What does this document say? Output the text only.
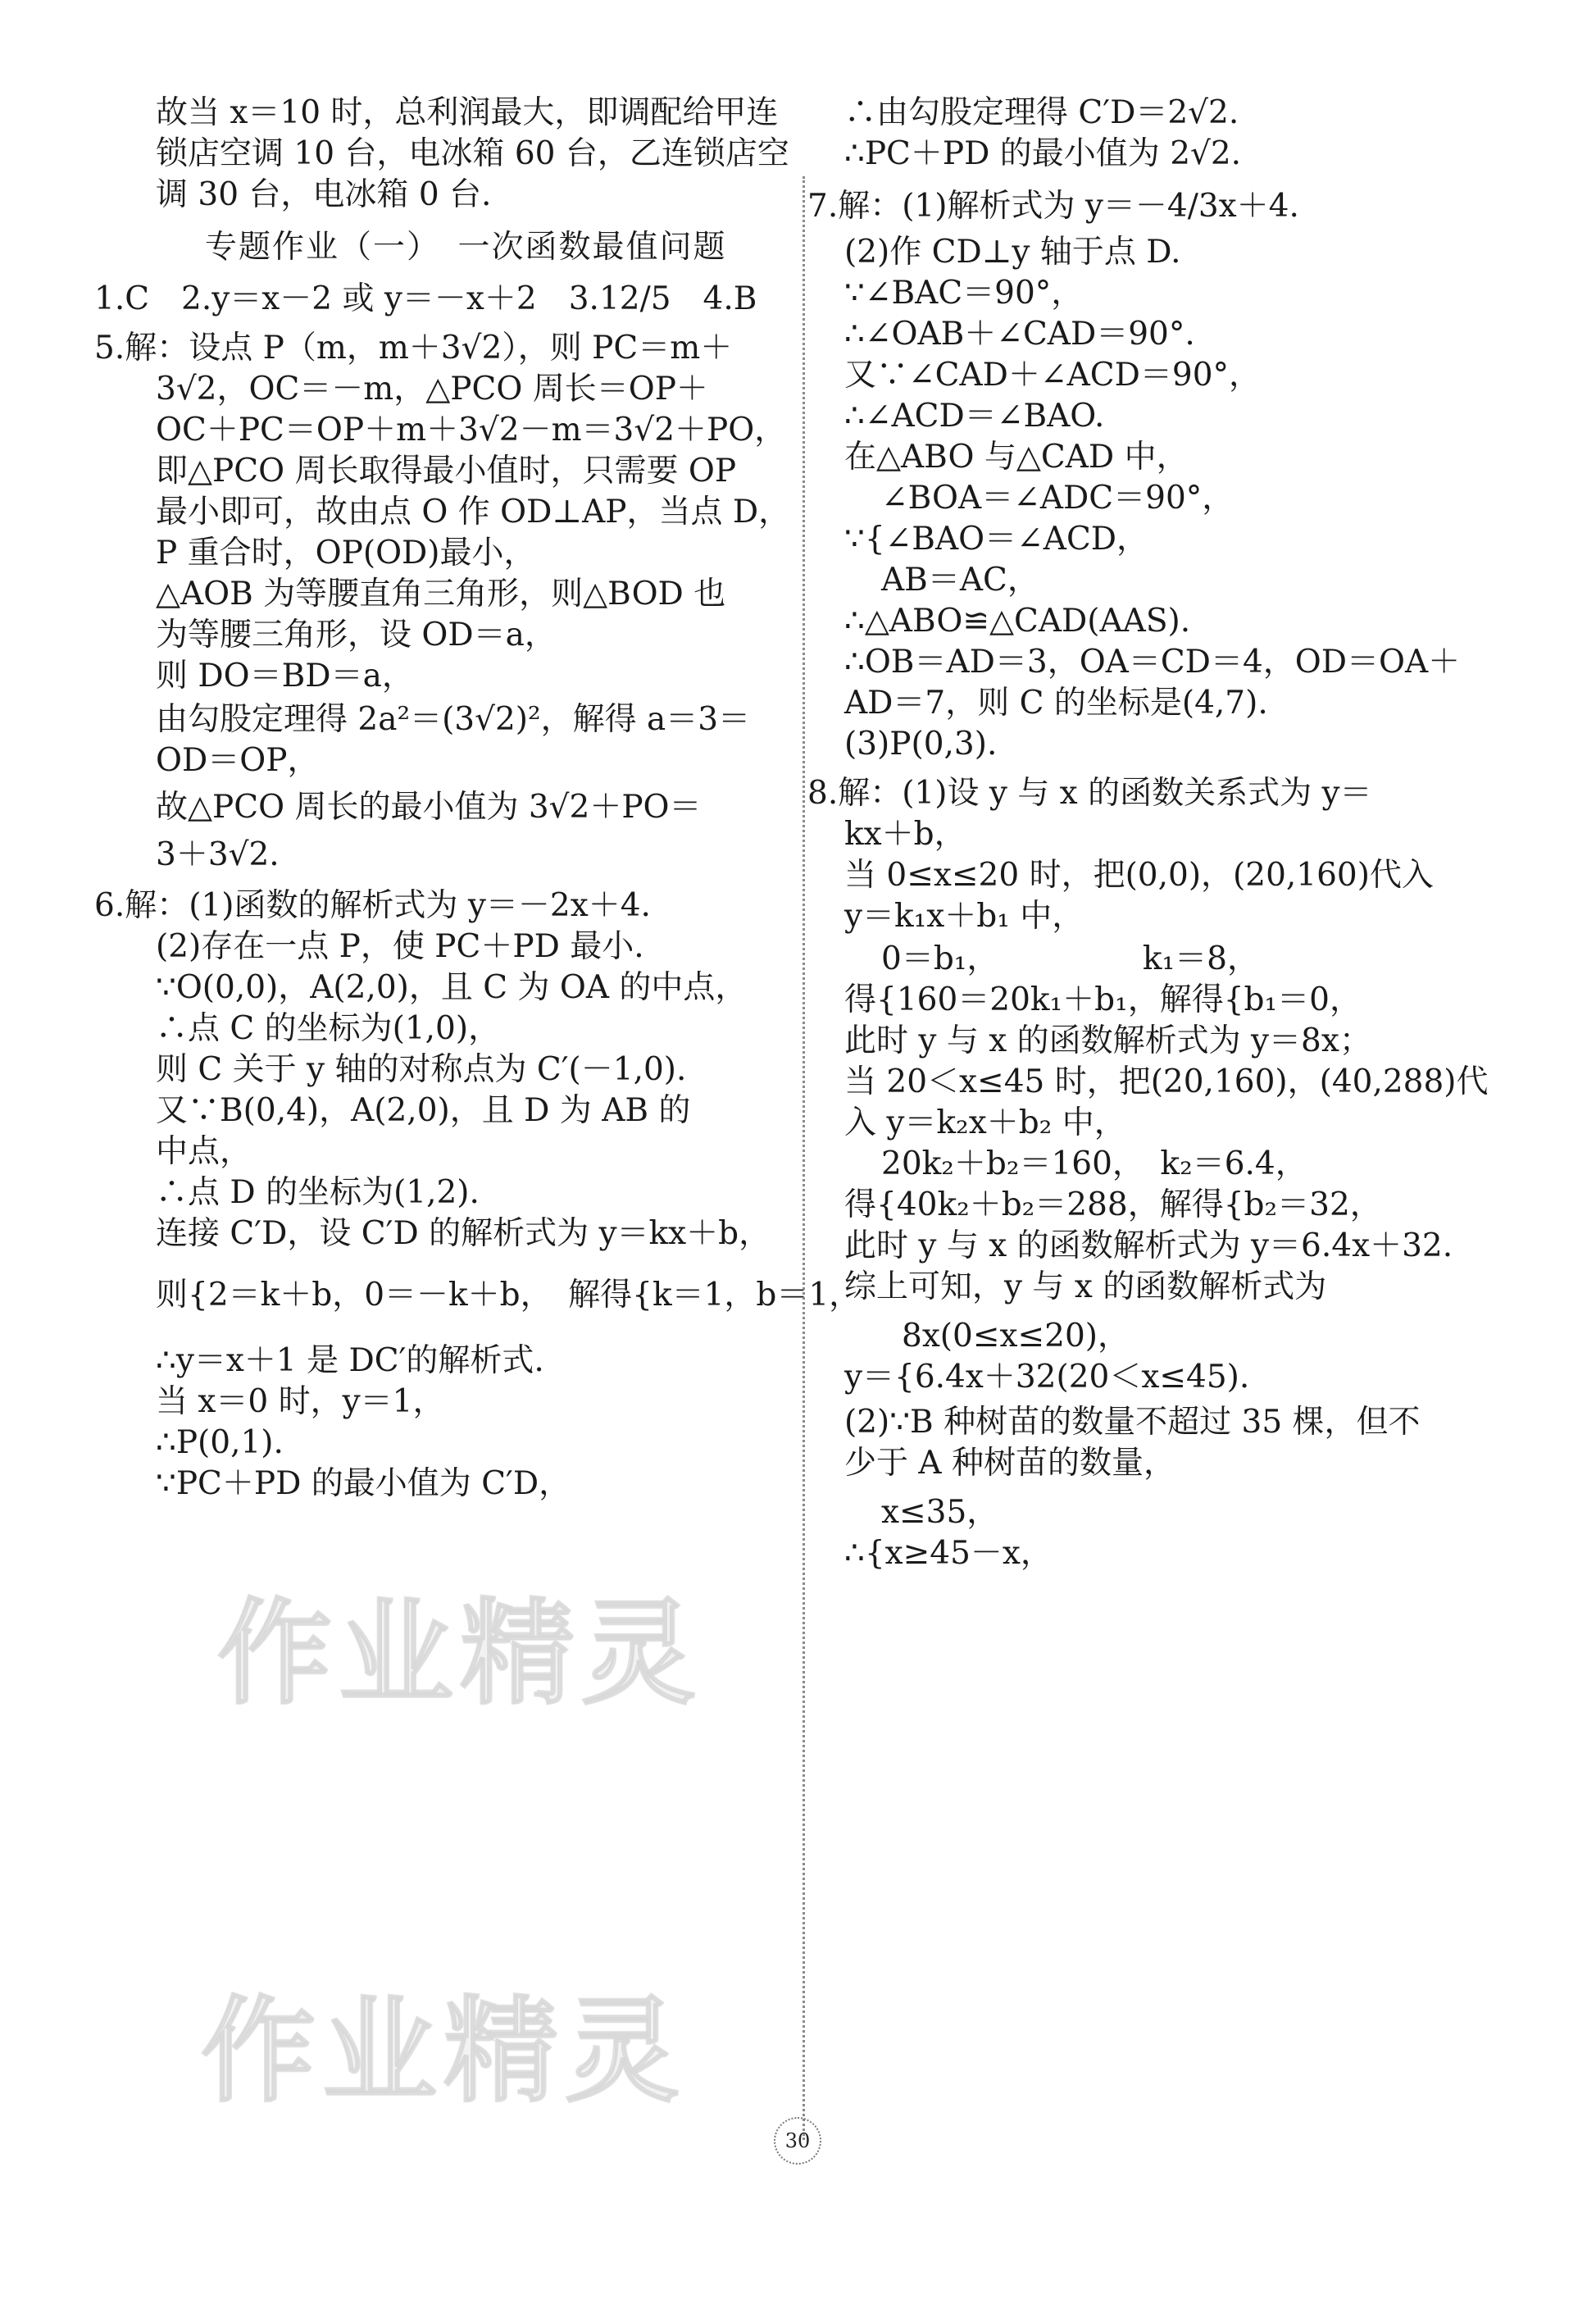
故当 x＝10 时，总利润最大，即调配给甲连
锁店空调 10 台，电冰箱 60 台，乙连锁店空
调 30 台，电冰箱 0 台.
专题作业（一）　一次函数最值问题
1.C　2.y＝x－2 或 y＝－x＋2　3.12/5　4.B
5.解：设点 P（m，m＋3√2），则 PC＝m＋
3√2，OC＝－m，△PCO 周长＝OP＋
OC＋PC＝OP＋m＋3√2－m＝3√2＋PO，
即△PCO 周长取得最小值时，只需要 OP
最小即可，故由点 O 作 OD⊥AP，当点 D，
P 重合时，OP(OD)最小，
△AOB 为等腰直角三角形，则△BOD 也
为等腰三角形，设 OD＝a，
则 DO＝BD＝a，
由勾股定理得 2a²＝(3√2)²，解得 a＝3＝
OD＝OP，
故△PCO 周长的最小值为 3√2＋PO＝
3＋3√2.
6.解：(1)函数的解析式为 y＝－2x＋4.
(2)存在一点 P，使 PC＋PD 最小.
∵O(0,0)，A(2,0)，且 C 为 OA 的中点，
∴点 C 的坐标为(1,0)，
则 C 关于 y 轴的对称点为 C′(－1,0).
又∵B(0,4)，A(2,0)，且 D 为 AB 的
中点，
∴点 D 的坐标为(1,2).
连接 C′D，设 C′D 的解析式为 y＝kx＋b，
则{2＝k＋b，0＝－k＋b，　解得{k＝1，b＝1，
∴y＝x＋1 是 DC′的解析式.
当 x＝0 时，y＝1，
∴P(0,1).
∵PC＋PD 的最小值为 C′D，
∴由勾股定理得 C′D＝2√2.
∴PC＋PD 的最小值为 2√2.
7.解：(1)解析式为 y＝－4/3x＋4.
(2)作 CD⊥y 轴于点 D.
∵∠BAC＝90°，
∴∠OAB＋∠CAD＝90°.
又∵∠CAD＋∠ACD＝90°，
∴∠ACD＝∠BAO.
在△ABO 与△CAD 中，
∠BOA＝∠ADC＝90°，
∵{∠BAO＝∠ACD，
AB＝AC，
∴△ABO≌△CAD(AAS).
∴OB＝AD＝3，OA＝CD＝4，OD＝OA＋
AD＝7，则 C 的坐标是(4,7).
(3)P(0,3).
8.解：(1)设 y 与 x 的函数关系式为 y＝
kx＋b，
当 0≤x≤20 时，把(0,0)，(20,160)代入
y＝k₁x＋b₁ 中，
0＝b₁，　　　　　k₁＝8，
得{160＝20k₁＋b₁，解得{b₁＝0，
此时 y 与 x 的函数解析式为 y＝8x；
当 20＜x≤45 时，把(20,160)，(40,288)代
入 y＝k₂x＋b₂ 中，
20k₂＋b₂＝160，　k₂＝6.4，
得{40k₂＋b₂＝288，解得{b₂＝32，
此时 y 与 x 的函数解析式为 y＝6.4x＋32.
综上可知，y 与 x 的函数解析式为
8x(0≤x≤20)，
y＝{6.4x＋32(20＜x≤45).
(2)∵B 种树苗的数量不超过 35 棵，但不
少于 A 种树苗的数量，
x≤35，
∴{x≥45－x，
作业精灵
作业精灵
30
